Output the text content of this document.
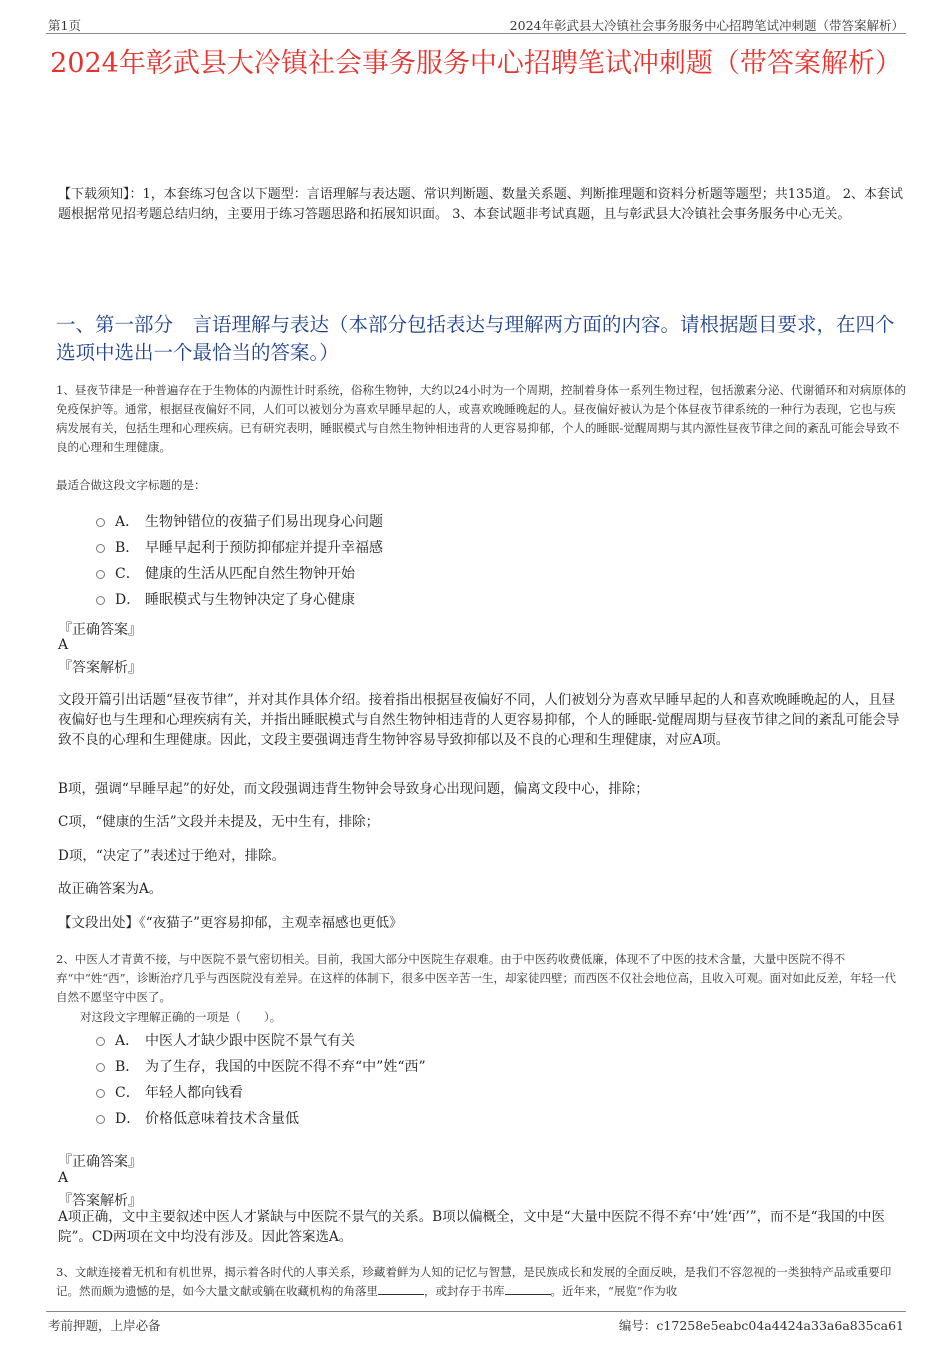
第1页	2024年彰武县大冷镇社会事务服务中心招聘笔试冲刺题（带答案解析）
2024年彰武县大冷镇社会事务服务中心招聘笔试冲刺题（带答案解析）
【下载须知】：1，本套练习包含以下题型：言语理解与表达题、常识判断题、数量关系题、判断推理题和资料分析题等题型；共135道。 2、本套试题根据常见招考题总结归纳，主要用于练习答题思路和拓展知识面。 3、本套试题非考试真题，且与彰武县大冷镇社会事务服务中心无关。
一、第一部分　言语理解与表达（本部分包括表达与理解两方面的内容。请根据题目要求，在四个选项中选出一个最恰当的答案。）
1、昼夜节律是一种普遍存在于生物体的内源性计时系统，俗称生物钟，大约以24小时为一个周期，控制着身体一系列生物过程，包括激素分泌、代谢循环和对病原体的免疫保护等。通常，根据昼夜偏好不同，人们可以被划分为喜欢早睡早起的人，或喜欢晚睡晚起的人。昼夜偏好被认为是个体昼夜节律系统的一种行为表现，它也与疾病发展有关，包括生理和心理疾病。已有研究表明，睡眠模式与自然生物钟相违背的人更容易抑郁，个人的睡眠-觉醒周期与其内源性昼夜节律之间的紊乱可能会导致不良的心理和生理健康。
最适合做这段文字标题的是：
A． 生物钟错位的夜猫子们易出现身心问题
B． 早睡早起利于预防抑郁症并提升幸福感
C． 健康的生活从匹配自然生物钟开始
D． 睡眠模式与生物钟决定了身心健康
『正确答案』
A
『答案解析』
文段开篇引出话题“昼夜节律”，并对其作具体介绍。接着指出根据昼夜偏好不同，人们被划分为喜欢早睡早起的人和喜欢晚睡晚起的人，且昼夜偏好也与生理和心理疾病有关，并指出睡眠模式与自然生物钟相违背的人更容易抑郁，个人的睡眠-觉醒周期与昼夜节律之间的紊乱可能会导致不良的心理和生理健康。因此，文段主要强调违背生物钟容易导致抑郁以及不良的心理和生理健康，对应A项。
B项，强调“早睡早起”的好处，而文段强调违背生物钟会导致身心出现问题，偏离文段中心，排除；
C项，“健康的生活”文段并未提及，无中生有，排除；
D项，“决定了”表述过于绝对，排除。
故正确答案为A。
【文段出处】《“夜猫子”更容易抑郁，主观幸福感也更低》
2、中医人才青黄不接，与中医院不景气密切相关。目前，我国大部分中医院生存艰难。由于中医药收费低廉，体现不了中医的技术含量，大量中医院不得不弃“中”姓“西”，诊断治疗几乎与西医院没有差异。在这样的体制下，很多中医辛苦一生，却家徒四壁；而西医不仅社会地位高，且收入可观。面对如此反差，年轻一代自然不愿坚守中医了。
对这段文字理解正确的一项是（　　）。
A． 中医人才缺少跟中医院不景气有关
B． 为了生存，我国的中医院不得不弃“中”姓“西”
C． 年轻人都向钱看
D． 价格低意味着技术含量低
『正确答案』
A
『答案解析』
A项正确，文中主要叙述中医人才紧缺与中医院不景气的关系。B项以偏概全，文中是“大量中医院不得不弃‘中’姓‘西’”，而不是“我国的中医院”。CD两项在文中均没有涉及。因此答案选A。
3、文献连接着无机和有机世界，揭示着各时代的人事关系，珍藏着鲜为人知的记忆与智慧，是民族成长和发展的全面反映，是我们不容忽视的一类独特产品或重要印记。然而颇为遗憾的是，如今大量文献或躺在收藏机构的角落里	，或封存于书库	。近年来，“展览”作为收
考前押题，上岸必备	编号：c17258e5eabc04a4424a33a6a835ca61
